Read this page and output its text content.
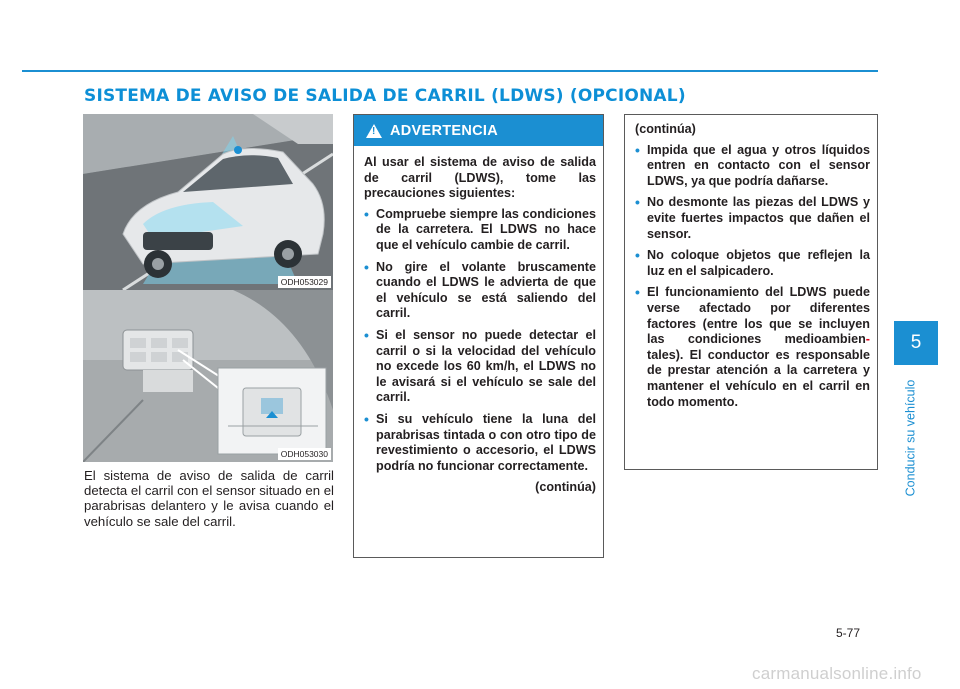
SISTEMA DE AVISO DE SALIDA DE CARRIL (LDWS) (OPCIONAL)
ODH053029
ODH053030
El sistema de aviso de salida de carril detecta el carril con el sensor situado en el parabrisas delantero y le avisa cuando el vehículo se sale del carril.
! ADVERTENCIA

Al usar el sistema de aviso de salida de carril (LDWS), tome las precauciones siguientes:

• Compruebe siempre las condiciones de la carretera. El LDWS no hace que el vehículo cambie de carril.
• No gire el volante bruscamente cuando el LDWS le advierta de que el vehículo se está saliendo del carril.
• Si el sensor no puede detectar el carril o si la velocidad del vehículo no excede los 60 km/h, el LDWS no le avisará si el vehículo se sale del carril.
• Si su vehículo tiene la luna del parabrisas tintada o con otro tipo de revestimiento o accesorio, el LDWS podría no funcionar correctamente.
(continúa)

(continúa)

• Impida que el agua y otros líquidos entren en contacto con el sensor LDWS, ya que podría dañarse.
• No desmonte las piezas del LDWS y evite fuertes impactos que dañen el sensor.
• No coloque objetos que reflejen la luz en el salpicadero.
• El funcionamiento del LDWS puede verse afectado por diferentes factores (entre los que se incluyen las condiciones medioambien- tales). El conductor es responsable de prestar atención a la carretera y mantener el vehículo en el carril en todo momento.
5
Conducir su vehículo
5-77
carmanualsonline.info
